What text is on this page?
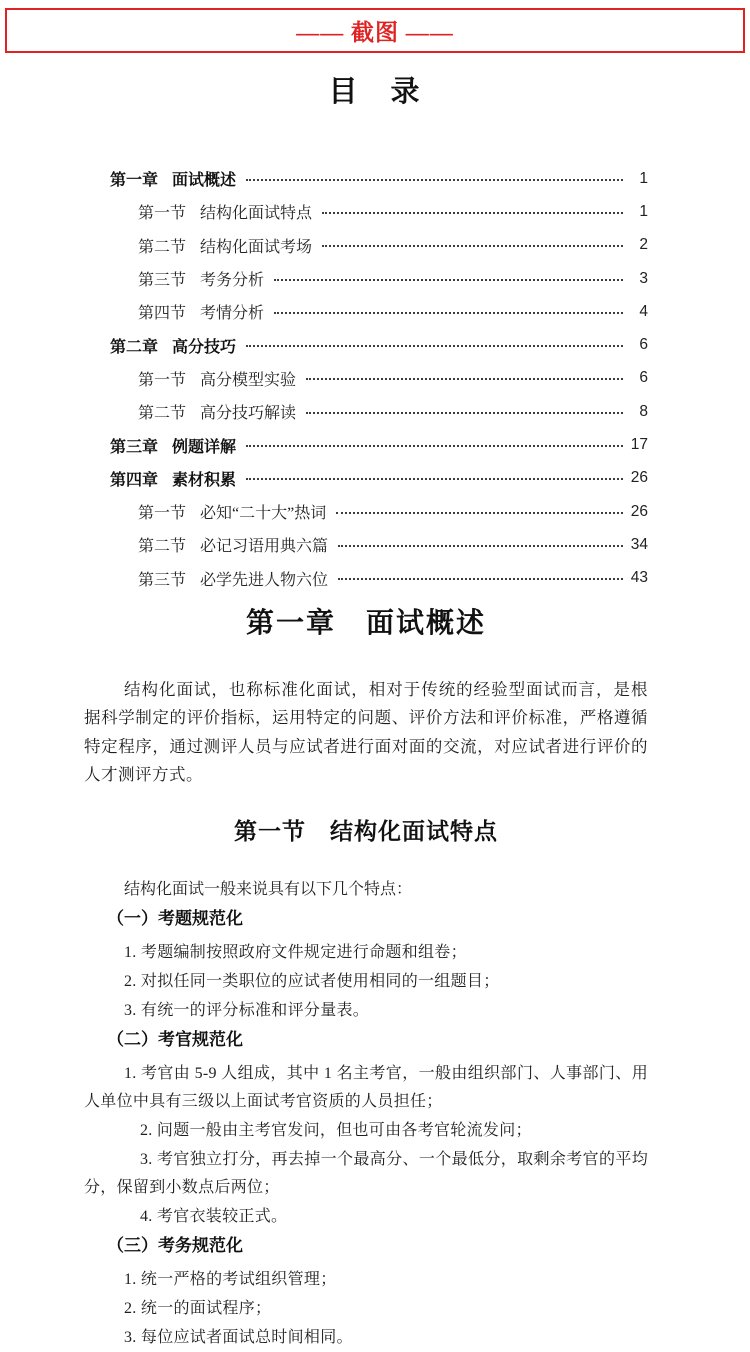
—— 截图 ——
目　录
第一章 面试概述	1
第一节 结构化面试特点	1
第二节 结构化面试考场	2
第三节 考务分析	3
第四节 考情分析	4
第二章 高分技巧	6
第一节 高分模型实验	6
第二节 高分技巧解读	8
第三章 例题详解	17
第四章 素材积累	26
第一节 必知“二十大”热词	26
第二节 必记习语用典六篇	34
第三节 必学先进人物六位	43
第一章　面试概述

结构化面试，也称标准化面试，相对于传统的经验型面试而言，是根据科学制定的评价指标，运用特定的问题、评价方法和评价标准，严格遵循特定程序，通过测评人员与应试者进行面对面的交流，对应试者进行评价的人才测评方式。

第一节　结构化面试特点

结构化面试一般来说具有以下几个特点：

（一）考题规范化

1. 考题编制按照政府文件规定进行命题和组卷；

2. 对拟任同一类职位的应试者使用相同的一组题目；

3. 有统一的评分标准和评分量表。

（二）考官规范化

1. 考官由 5-9 人组成，其中 1 名主考官，一般由组织部门、人事部门、用人单位中具有三级以上面试考官资质的人员担任；

2. 问题一般由主考官发问，但也可由各考官轮流发问；

3. 考官独立打分，再去掉一个最高分、一个最低分，取剩余考官的平均分，保留到小数点后两位；

4. 考官衣装较正式。

（三）考务规范化

1. 统一严格的考试组织管理；

2. 统一的面试程序；

3. 每位应试者面试总时间相同。
